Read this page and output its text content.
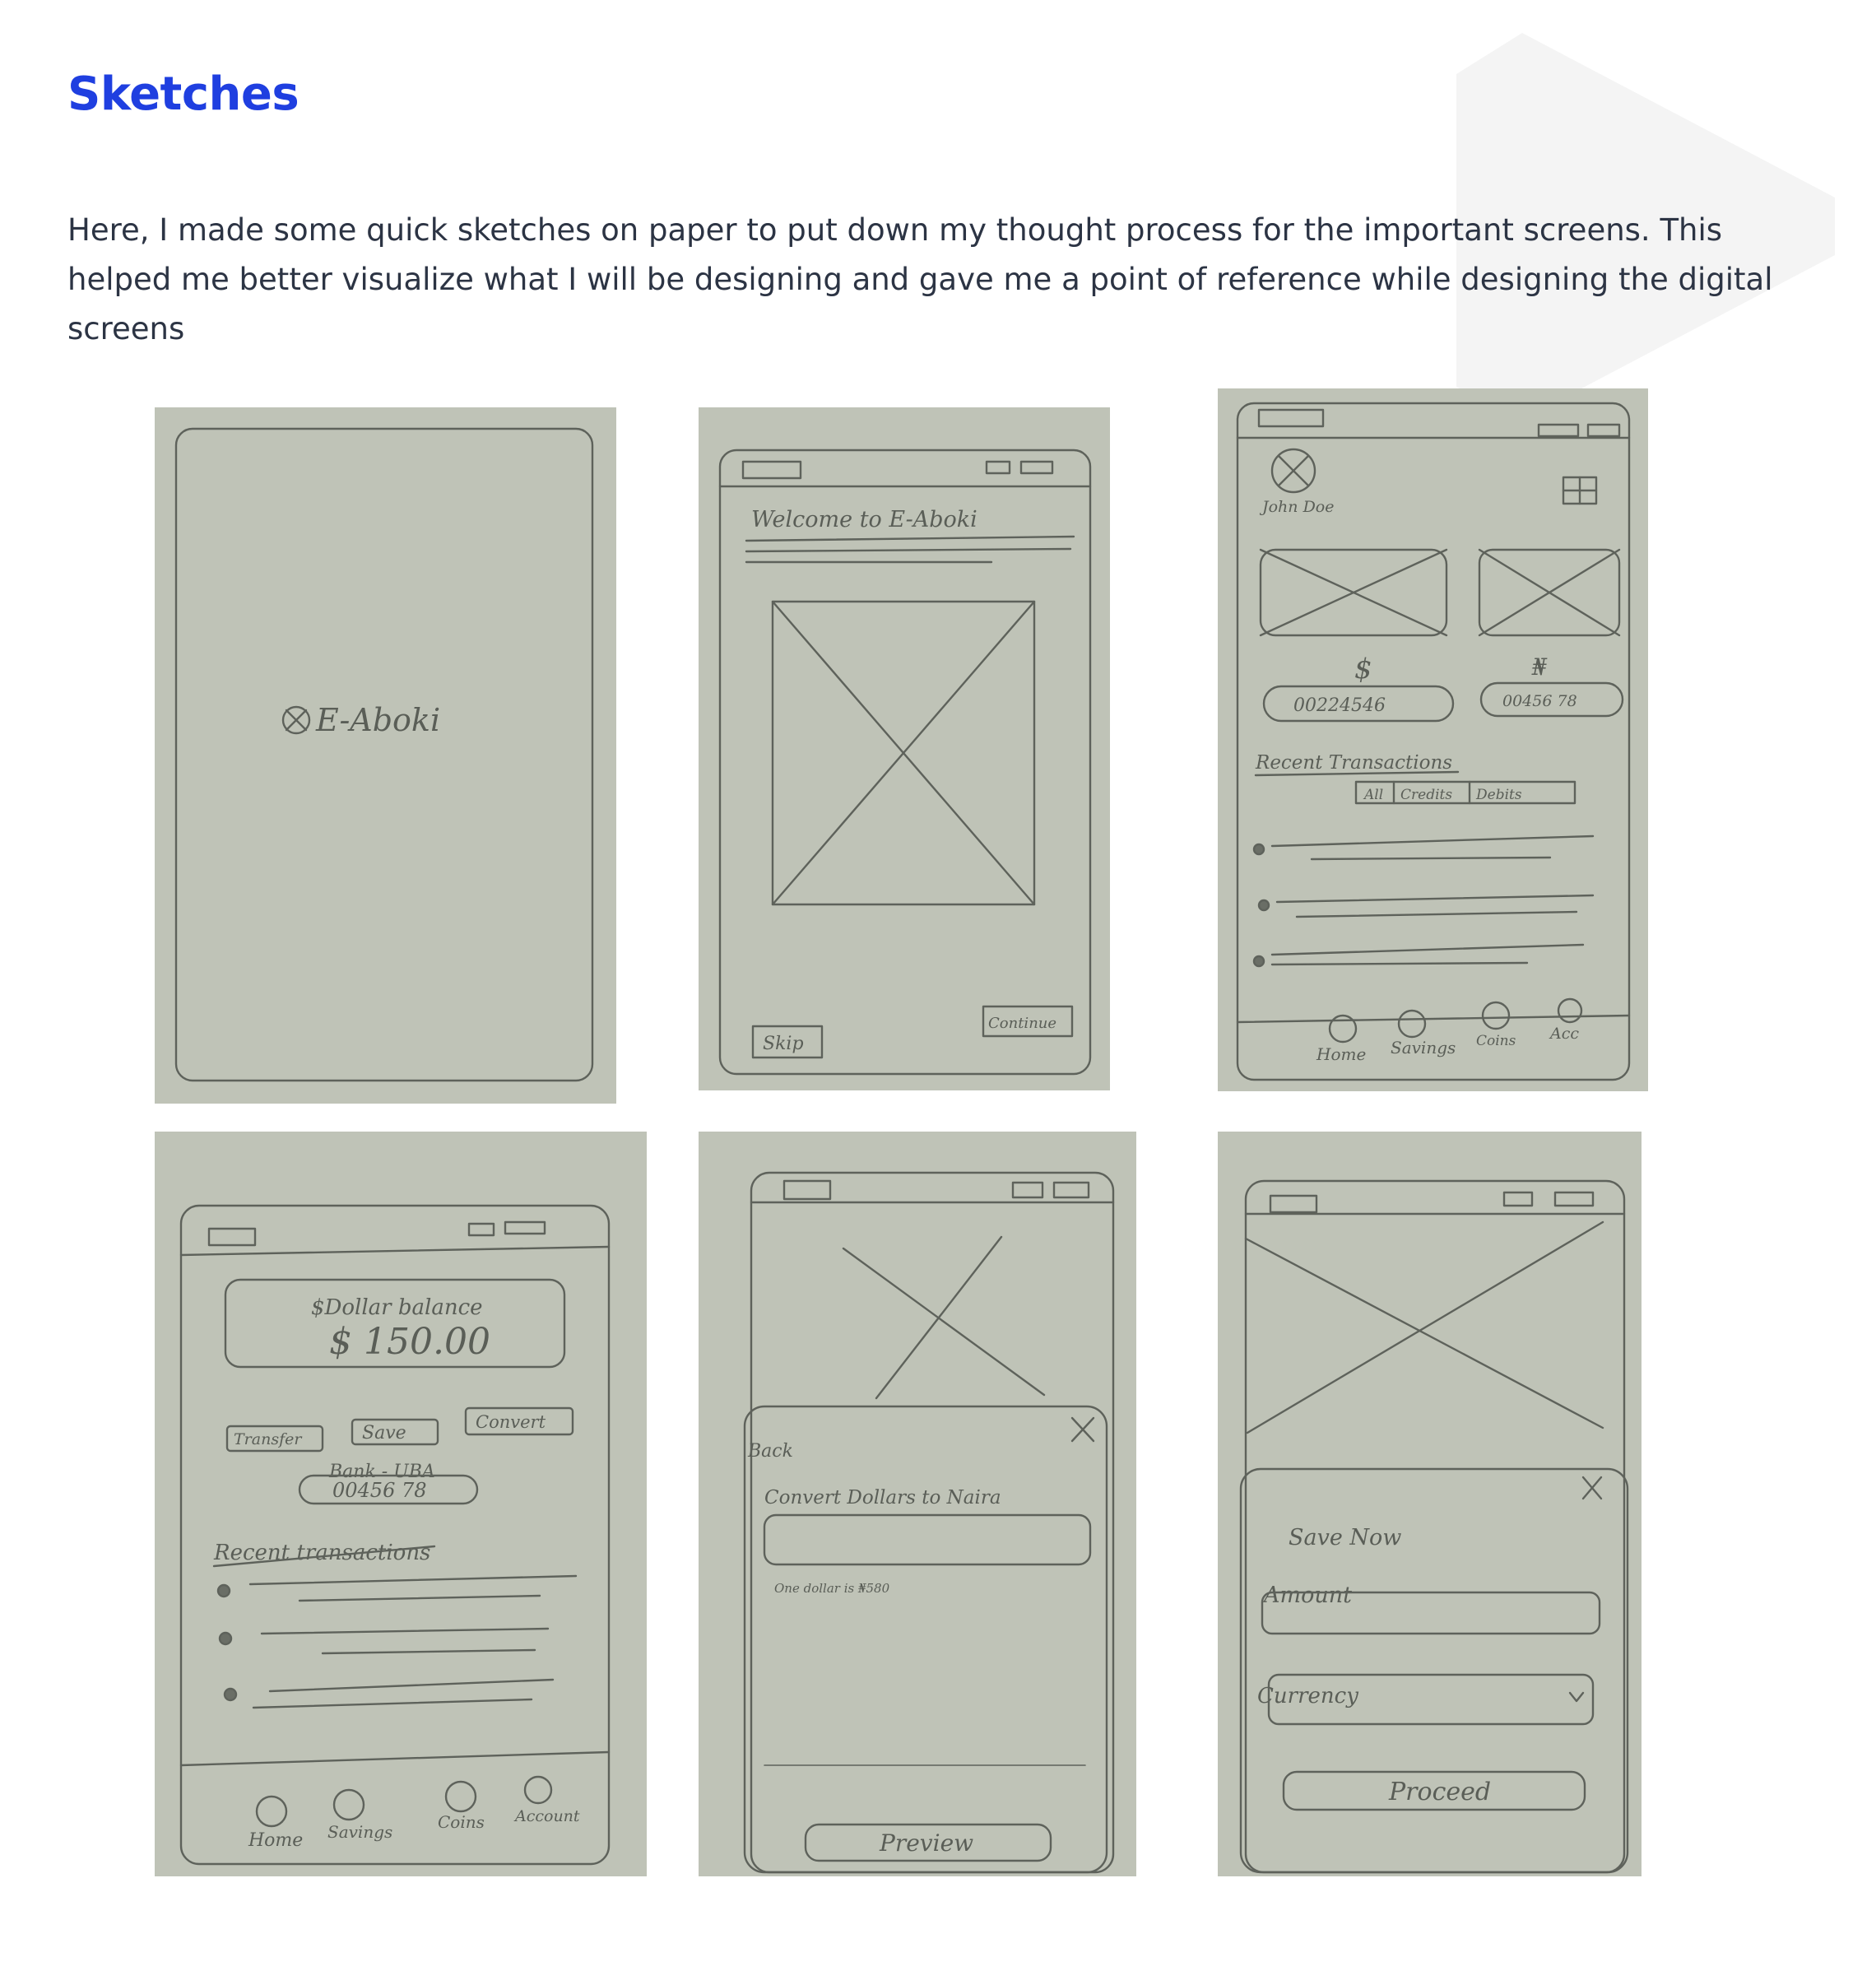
Sketches

Here, I made some quick sketches on paper to put down my thought process for the important screens. This helped me better visualize what I will be designing and gave me a point of reference while designing the digital screens

E-Aboki
Welcome to E-Aboki
Skip
Continue
John Doe
$	₦
00224546	00456 78
Recent Transactions
All Credits Debits
Home Savings Coins Acc
$Dollar balance
$ 150.00
Transfer	Save
Convert
Bank - UBA
00456 78
Recent transactions
Home Savings	Coins Account
Back
Convert Dollars to Naira
One dollar is ₦580
Preview
Save Now
Amount
Currency
Proceed
